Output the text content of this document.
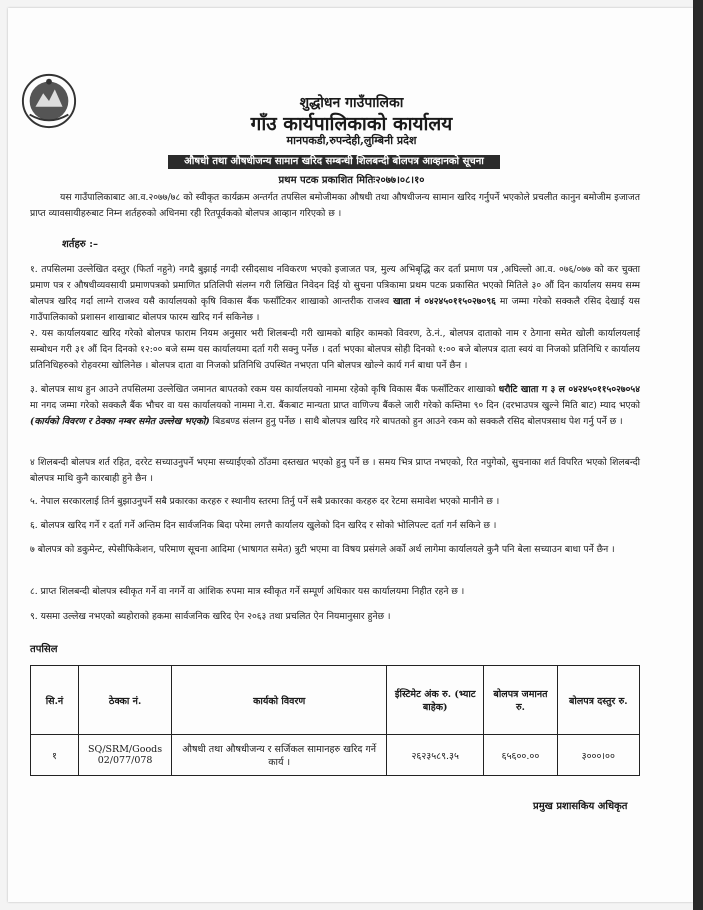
शुद्धोधन गाउँपालिका
गाँउ कार्यपालिकाको कार्यालय
मानपकडी,रुपन्देही,लुम्बिनी प्रदेश
औषधी तथा औषधीजन्य सामान खरिद सम्बन्धी शिलबन्दी बोलपत्र आव्हानको सूचना
प्रथम पटक प्रकाशित मितिः२०७७।०८।१०
यस गाउँपालिकाबाट आ.व.२०७७/७८ को स्वीकृत कार्यक्रम अन्तर्गत तपसिल बमोजीमका औषधी तथा औषधीजन्य सामान खरिद गर्नुपर्ने भएकोले प्रचलीत कानुन बमोजीम इजाजत प्राप्त व्यावसायीहरुबाट निम्न शर्तहरुको अधिनमा रही रितपूर्वकको बोलपत्र आव्हान गरिएको छ ।
शर्तहरु :–
१. तपसिलमा उल्लेखित दस्तुर (फिर्ता नहुने) नगदै बुझाई नगदी रसीदसाथ नविकरण भएको इजाजत पत्र, मुल्य अभिबृद्धि कर दर्ता प्रमाण पत्र ,अघिल्लो आ.व. ०७६/०७७ को कर चुक्ता प्रमाण पत्र र औषधीव्यवसायी प्रमाणपत्रको प्रमाणित प्रतिलिपी संलग्न गरी लिखित निवेदन दिई यो सुचना पत्रिकामा प्रथम पटक प्रकासित भएको मितिले ३० औं दिन कार्यालय समय सम्म बोलपत्र खरिद गर्दा लाग्ने राजश्व यसै कार्यालयको कृषि विकास बैंक फसाँटिकर शाखाको आन्तरीक राजश्व खाता नं ०४२४५०११५०२७०९६ मा जम्मा गरेको सक्कलै रसिद देखाई यस गाउँपालिकाको प्रशासन शाखाबाट बोलपत्र फारम खरिद गर्न सकिनेछ ।
२. यस कार्यालयबाट खरिद गरेको बोलपत्र फाराम नियम अनुसार भरी शिलबन्दी गरी खामको बाहिर कामको विवरण, ठे.नं., बोलपत्र दाताको नाम र ठेगाना समेत खोली कार्यालयलाई सम्बोधन गरी ३१ औं दिन दिनको १२:०० बजे सम्म यस कार्यालयमा दर्ता गरी सक्नु पर्नेछ । दर्ता भएका बोलपत्र सोही दिनको १:०० बजे बोलपत्र दाता स्वयं वा निजको प्रतिनिधि र कार्यालय प्रतिनिधिहरुको रोहवरमा खोलिनेछ । बोलपत्र दाता वा निजको प्रतिनिधि उपस्थित नभएता पनि बोलपत्र खोल्ने कार्य गर्न बाधा पर्ने छैन ।
३. बोलपत्र साथ हुन आउने तपसिलमा उल्लेखित जमानत बापतको रकम यस कार्यालयको नाममा रहेको कृषि विकास बैंक फसाँटिकर शाखाको धरौटि खाता ग ३ ल ०४२४५०११५०२७०५४ मा नगद जम्मा गरेको सक्कलै बैंक भौचर वा यस कार्यालयको नाममा ने.रा. बैंकबाट मान्यता प्राप्त वाणिज्य बैंकले जारी गरेको कम्तिमा ९० दिन (दरभाउपत्र खुल्ने मिति बाट) म्याद भएको (कार्यको विवरण र ठेक्का नम्बर समेत उल्लेख भएको) बिडबण्ड संलग्न हुनु पर्नेछ । साथै बोलपत्र खरिद गरे बापतको हुन आउने रकम को सक्कलै रसिद बोलपत्रसाथ पेश गर्नु पर्ने छ ।
४ शिलबन्दी बोलपत्र शर्त रहित, दररेट सच्याउनुपर्ने भएमा सच्याईएको ठाँउमा दस्तखत भएको हुनु पर्ने छ । समय भित्र प्राप्त नभएको, रित नपुगेको, सुचनाका शर्त विपरित भएको शिलबन्दी बोलपत्र माथि कुनै कारबाही हुने छैन ।
५. नेपाल सरकारलाई तिर्न बुझाउनुपर्ने सबै प्रकारका करहरु र स्थानीय स्तरमा तिर्नु पर्ने सबै प्रकारका करहरु दर रेटमा समावेश भएको मानीने छ ।
६. बोलपत्र खरिद गर्ने र दर्ता गर्ने अन्तिम दिन सार्वजनिक बिदा परेमा लगत्तै कार्यालय खुलेको दिन खरिद र सोको भोलिपल्ट दर्ता गर्न सकिने छ ।
७ बोलपत्र को डकुमेन्ट, स्पेसीफिकेशन, परिमाण सूचना आदिमा (भाषागत समेत) त्रुटी भएमा वा विषय प्रसंगले अर्को अर्थ लागेमा कार्यालयले कुनै पनि बेला सच्याउन बाधा पर्ने छैन ।
८. प्राप्त शिलबन्दी बोलपत्र स्वीकृत गर्ने वा नगर्ने वा आंशिक रुपमा मात्र स्वीकृत गर्ने सम्पूर्ण अधिकार यस कार्यालयमा निहीत रहने छ ।
९. यसमा उल्लेख नभएको ब्यहोराको हकमा सार्वजनिक खरिद ऐन २०६३ तथा प्रचलित ऐन नियमानुसार हुनेछ ।
तपसिल
सि.नं	ठेक्का नं.	कार्यको विवरण	ईस्टिमेट अंक रु. (भ्याट बाहेक)	बोलपत्र जमानत रु.	बोलपत्र दस्तुर रु.
१	SQ/SRM/Goods 02/077/078	औषधी तथा औषधीजन्य र सर्जिकल सामानहरु खरिद गर्ने कार्य ।	२६२३५८९.३५	६५६००.००	३०००।००
प्रमुख प्रशासकिय अधिकृत
